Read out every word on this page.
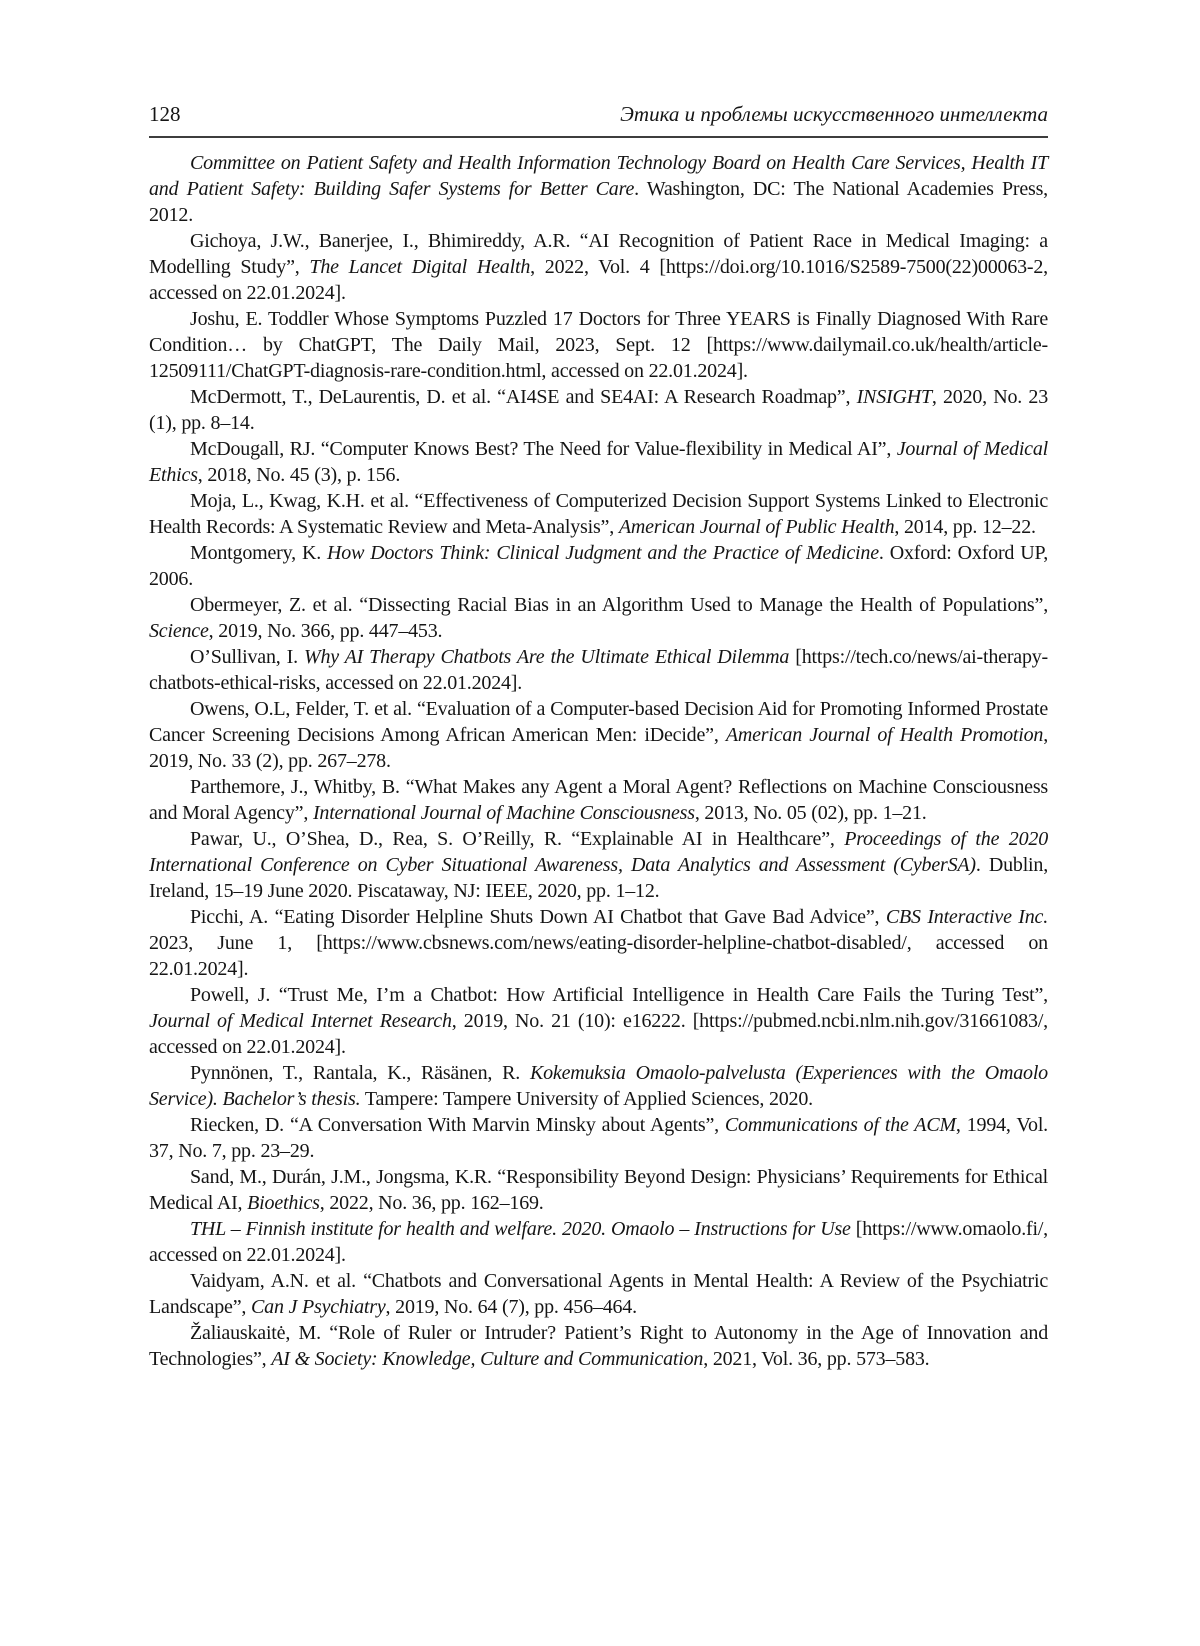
128	Этика и проблемы искусственного интеллекта

Committee on Patient Safety and Health Information Technology Board on Health Care Services, Health IT and Patient Safety: Building Safer Systems for Better Care. Washington, DC: The National Academies Press, 2012.

Gichoya, J.W., Banerjee, I., Bhimireddy, A.R. “AI Recognition of Patient Race in Medical Imaging: a Modelling Study”, The Lancet Digital Health, 2022, Vol. 4 [https://doi.org/10.1016/S2589-7500(22)00063-2, accessed on 22.01.2024].

Joshu, E. Toddler Whose Symptoms Puzzled 17 Doctors for Three YEARS is Finally Diagnosed With Rare Condition… by ChatGPT, The Daily Mail, 2023, Sept. 12 [https://www.dailymail.co.uk/health/article-12509111/ChatGPT-diagnosis-rare-condition.html, accessed on 22.01.2024].

McDermott, T., DeLaurentis, D. et al. “AI4SE and SE4AI: A Research Roadmap”, INSIGHT, 2020, No. 23 (1), pp. 8–14.

McDougall, RJ. “Computer Knows Best? The Need for Value-flexibility in Medical AI”, Journal of Medical Ethics, 2018, No. 45 (3), p. 156.

Moja, L., Kwag, K.H. et al. “Effectiveness of Computerized Decision Support Systems Linked to Electronic Health Records: A Systematic Review and Meta-Analysis”, American Journal of Public Health, 2014, pp. 12–22.

Montgomery, K. How Doctors Think: Clinical Judgment and the Practice of Medicine. Oxford: Oxford UP, 2006.

Obermeyer, Z. et al. “Dissecting Racial Bias in an Algorithm Used to Manage the Health of Populations”, Science, 2019, No. 366, pp. 447–453.

O’Sullivan, I. Why AI Therapy Chatbots Are the Ultimate Ethical Dilemma [https://tech.co/news/ai-therapy-chatbots-ethical-risks, accessed on 22.01.2024].

Owens, O.L, Felder, T. et al. “Evaluation of a Computer-based Decision Aid for Promoting Informed Prostate Cancer Screening Decisions Among African American Men: iDecide”, American Journal of Health Promotion, 2019, No. 33 (2), pp. 267–278.

Parthemore, J., Whitby, B. “What Makes any Agent a Moral Agent? Reflections on Machine Consciousness and Moral Agency”, International Journal of Machine Consciousness, 2013, No. 05 (02), pp. 1–21.

Pawar, U., O’Shea, D., Rea, S. O’Reilly, R. “Explainable AI in Healthcare”, Proceedings of the 2020 International Conference on Cyber Situational Awareness, Data Analytics and Assessment (CyberSA). Dublin, Ireland, 15–19 June 2020. Piscataway, NJ: IEEE, 2020, pp. 1–12.

Picchi, A. “Eating Disorder Helpline Shuts Down AI Chatbot that Gave Bad Advice”, CBS Interactive Inc. 2023, June 1, [https://www.cbsnews.com/news/eating-disorder-helpline-chatbot-disabled/, accessed on 22.01.2024].

Powell, J. “Trust Me, I’m a Chatbot: How Artificial Intelligence in Health Care Fails the Turing Test”, Journal of Medical Internet Research, 2019, No. 21 (10): e16222. [https://pubmed.ncbi.nlm.nih.gov/31661083/, accessed on 22.01.2024].

Pynnönen, T., Rantala, K., Räsänen, R. Kokemuksia Omaolo-palvelusta (Experiences with the Omaolo Service). Bachelor’s thesis. Tampere: Tampere University of Applied Sciences, 2020.

Riecken, D. “A Conversation With Marvin Minsky about Agents”, Communications of the ACM, 1994, Vol. 37, No. 7, pp. 23–29.

Sand, M., Durán, J.M., Jongsma, K.R. “Responsibility Beyond Design: Physicians’ Requirements for Ethical Medical AI, Bioethics, 2022, No. 36, pp. 162–169.

THL – Finnish institute for health and welfare. 2020. Omaolo – Instructions for Use [https://www.omaolo.fi/, accessed on 22.01.2024].

Vaidyam, A.N. et al. “Chatbots and Conversational Agents in Mental Health: A Review of the Psychiatric Landscape”, Can J Psychiatry, 2019, No. 64 (7), pp. 456–464.

Žaliauskaitė, M. “Role of Ruler or Intruder? Patient’s Right to Autonomy in the Age of Innovation and Technologies”, AI & Society: Knowledge, Culture and Communication, 2021, Vol. 36, pp. 573–583.
